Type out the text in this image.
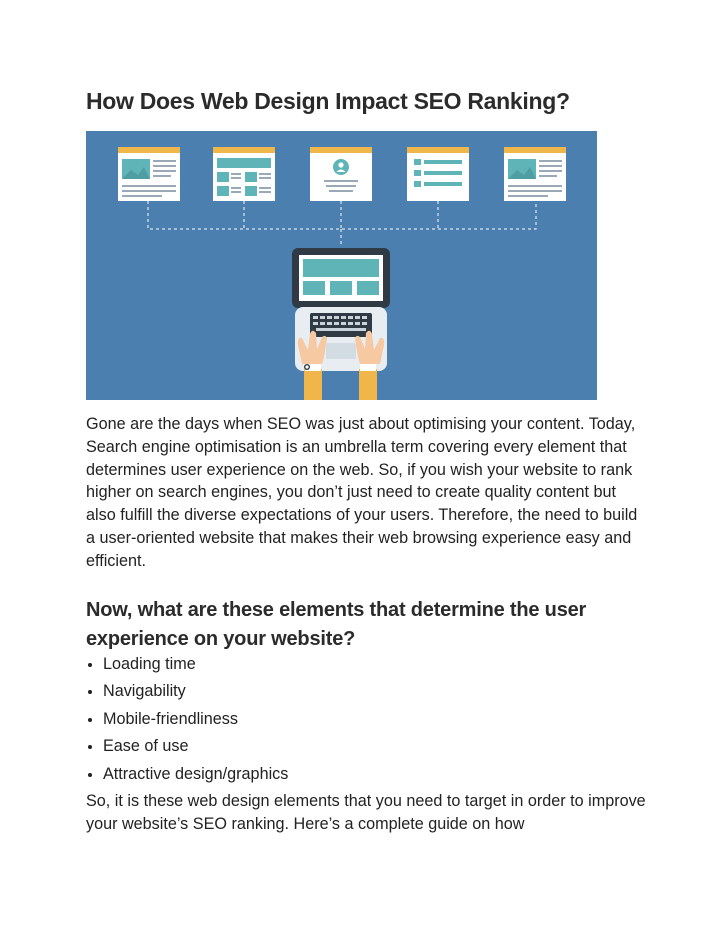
How Does Web Design Impact SEO Ranking?

Gone are the days when SEO was just about optimising your content. Today, Search engine optimisation is an umbrella term covering every element that determines user experience on the web. So, if you wish your website to rank higher on search engines, you don’t just need to create quality content but also fulfill the diverse expectations of your users. Therefore, the need to build a user-oriented website that makes their web browsing experience easy and efficient.

Now, what are these elements that determine the user experience on your website?
Loading time
Navigability
Mobile-friendliness
Ease of use
Attractive design/graphics

So, it is these web design elements that you need to target in order to improve your website’s SEO ranking. Here’s a complete guide on how
